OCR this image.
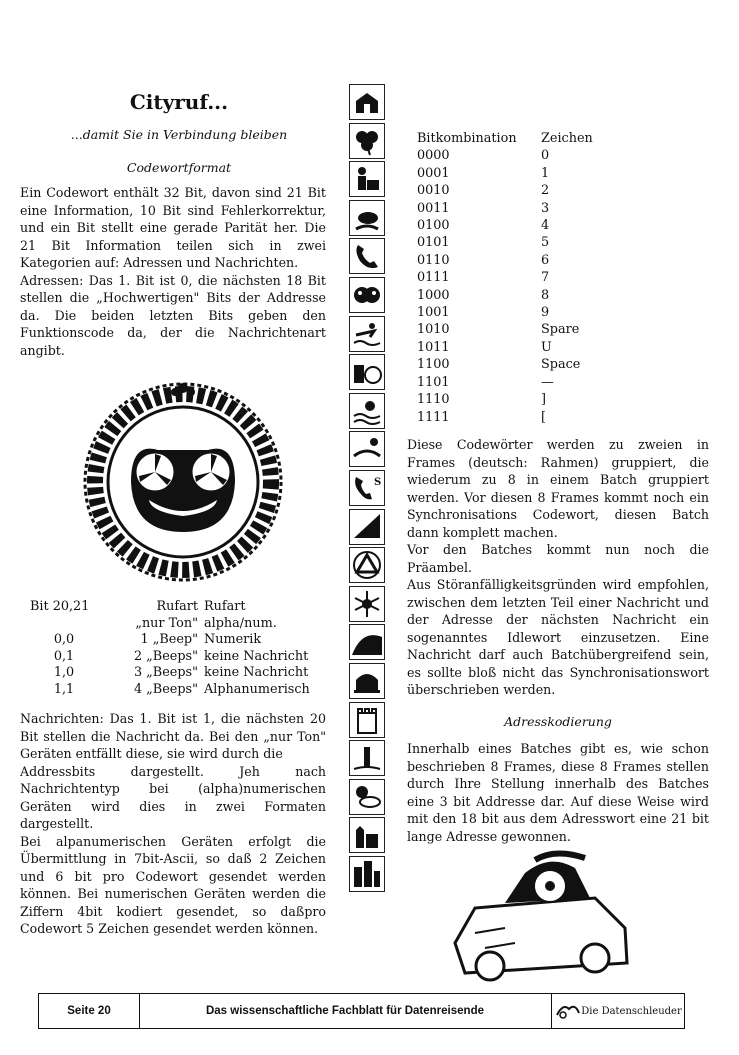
Cityruf...
...damit Sie in Verbindung bleiben
Codewortformat

Ein Codewort enthält 32 Bit, davon sind 21 Bit eine Information, 10 Bit sind Fehlerkorrektur, und ein Bit stellt eine gerade Parität her. Die 21 Bit Information teilen sich in zwei Kategorien auf: Adressen und Nachrichten.

Adressen: Das 1. Bit ist 0, die nächsten 18 Bit stellen die „Hochwertigen" Bits der Addresse da. Die beiden letzten Bits geben den Funktionscode da, der die Nachrichtenart angibt.

Bit 20,21	Rufart	Rufart
	„nur Ton"	alpha/num.
0,0	1 „Beep"	Numerik
0,1	2 „Beeps"	keine Nachricht
1,0	3 „Beeps"	keine Nachricht
1,1	4 „Beeps"	Alphanumerisch

Nachrichten: Das 1. Bit ist 1, die nächsten 20 Bit stellen die Nachricht da. Bei den „nur Ton" Geräten entfällt diese, sie wird durch die

Addressbits dargestellt. Jeh nach Nachrichtentyp bei (alpha)numerischen Geräten wird dies in zwei Formaten dargestellt.

Bei alpanumerischen Geräten erfolgt die Übermittlung in 7bit-Ascii, so daß 2 Zeichen und 6 bit pro Codewort gesendet werden können. Bei numerischen Geräten werden die Ziffern 4bit kodiert gesendet, so daßpro Codewort 5 Zeichen gesendet werden können.

S
Bitkombination	Zeichen
0000	0
0001	1
0010	2
0011	3
0100	4
0101	5
0110	6
0111	7
1000	8
1001	9
1010	Spare
1011	U
1100	Space
1101	—
1110	]
1111	[

Diese Codewörter werden zu zweien in Frames (deutsch: Rahmen) gruppiert, die wiederum zu 8 in einem Batch gruppiert werden. Vor diesen 8 Frames kommt noch ein Synchronisations Codewort, diesen Batch dann komplett machen.

Vor den Batches kommt nun noch die Präambel.

Aus Störanfälligkeitsgründen wird empfohlen, zwischen dem letzten Teil einer Nachricht und der Adresse der nächsten Nachricht ein sogenanntes Idlewort einzusetzen. Eine Nachricht darf auch Batchübergreifend sein, es sollte bloß nicht das Synchronisationswort überschrieben werden.

Adresskodierung

Innerhalb eines Batches gibt es, wie schon beschrieben 8 Frames, diese 8 Frames stellen durch Ihre Stellung innerhalb des Batches eine 3 bit Addresse dar. Auf diese Weise wird mit den 18 bit aus dem Adresswort eine 21 bit lange Adresse gewonnen.

Seite 20	Das wissenschaftliche Fachblatt für Datenreisende	Die Datenschleuder
